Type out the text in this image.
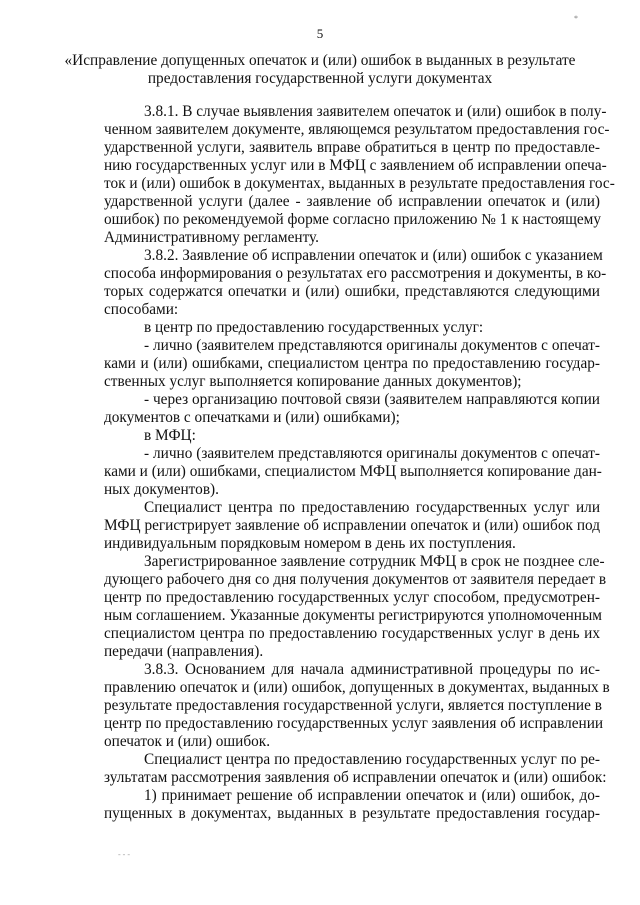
*
5
«Исправление допущенных опечаток и (или) ошибок в выданных в результате
предоставления государственной услуги документах
3.8.1. В случае выявления заявителем опечаток и (или) ошибок в полу-
ченном заявителем документе, являющемся результатом предоставления гос-
ударственной услуги, заявитель вправе обратиться в центр по предоставле-
нию государственных услуг или в МФЦ с заявлением об исправлении опеча-
ток и (или) ошибок в документах, выданных в результате предоставления гос-
ударственной услуги (далее - заявление об исправлении опечаток и (или)
ошибок) по рекомендуемой форме согласно приложению № 1 к настоящему
Административному регламенту.
3.8.2. Заявление об исправлении опечаток и (или) ошибок с указанием
способа информирования о результатах его рассмотрения и документы, в ко-
торых содержатся опечатки и (или) ошибки, представляются следующими
способами:
в центр по предоставлению государственных услуг:
- лично (заявителем представляются оригиналы документов с опечат-
ками и (или) ошибками, специалистом центра по предоставлению государ-
ственных услуг выполняется копирование данных документов);
- через организацию почтовой связи (заявителем направляются копии
документов с опечатками и (или) ошибками);
в МФЦ:
- лично (заявителем представляются оригиналы документов с опечат-
ками и (или) ошибками, специалистом МФЦ выполняется копирование дан-
ных документов).
Специалист центра по предоставлению государственных услуг или
МФЦ регистрирует заявление об исправлении опечаток и (или) ошибок под
индивидуальным порядковым номером в день их поступления.
Зарегистрированное заявление сотрудник МФЦ в срок не позднее сле-
дующего рабочего дня со дня получения документов от заявителя передает в
центр по предоставлению государственных услуг способом, предусмотрен-
ным соглашением. Указанные документы регистрируются уполномоченным
специалистом центра по предоставлению государственных услуг в день их
передачи (направления).
3.8.3. Основанием для начала административной процедуры по ис-
правлению опечаток и (или) ошибок, допущенных в документах, выданных в
результате предоставления государственной услуги, является поступление в
центр по предоставлению государственных услуг заявления об исправлении
опечаток и (или) ошибок.
Специалист центра по предоставлению государственных услуг по ре-
зультатам рассмотрения заявления об исправлении опечаток и (или) ошибок:
1) принимает решение об исправлении опечаток и (или) ошибок, до-
пущенных в документах, выданных в результате предоставления государ-
- - -
